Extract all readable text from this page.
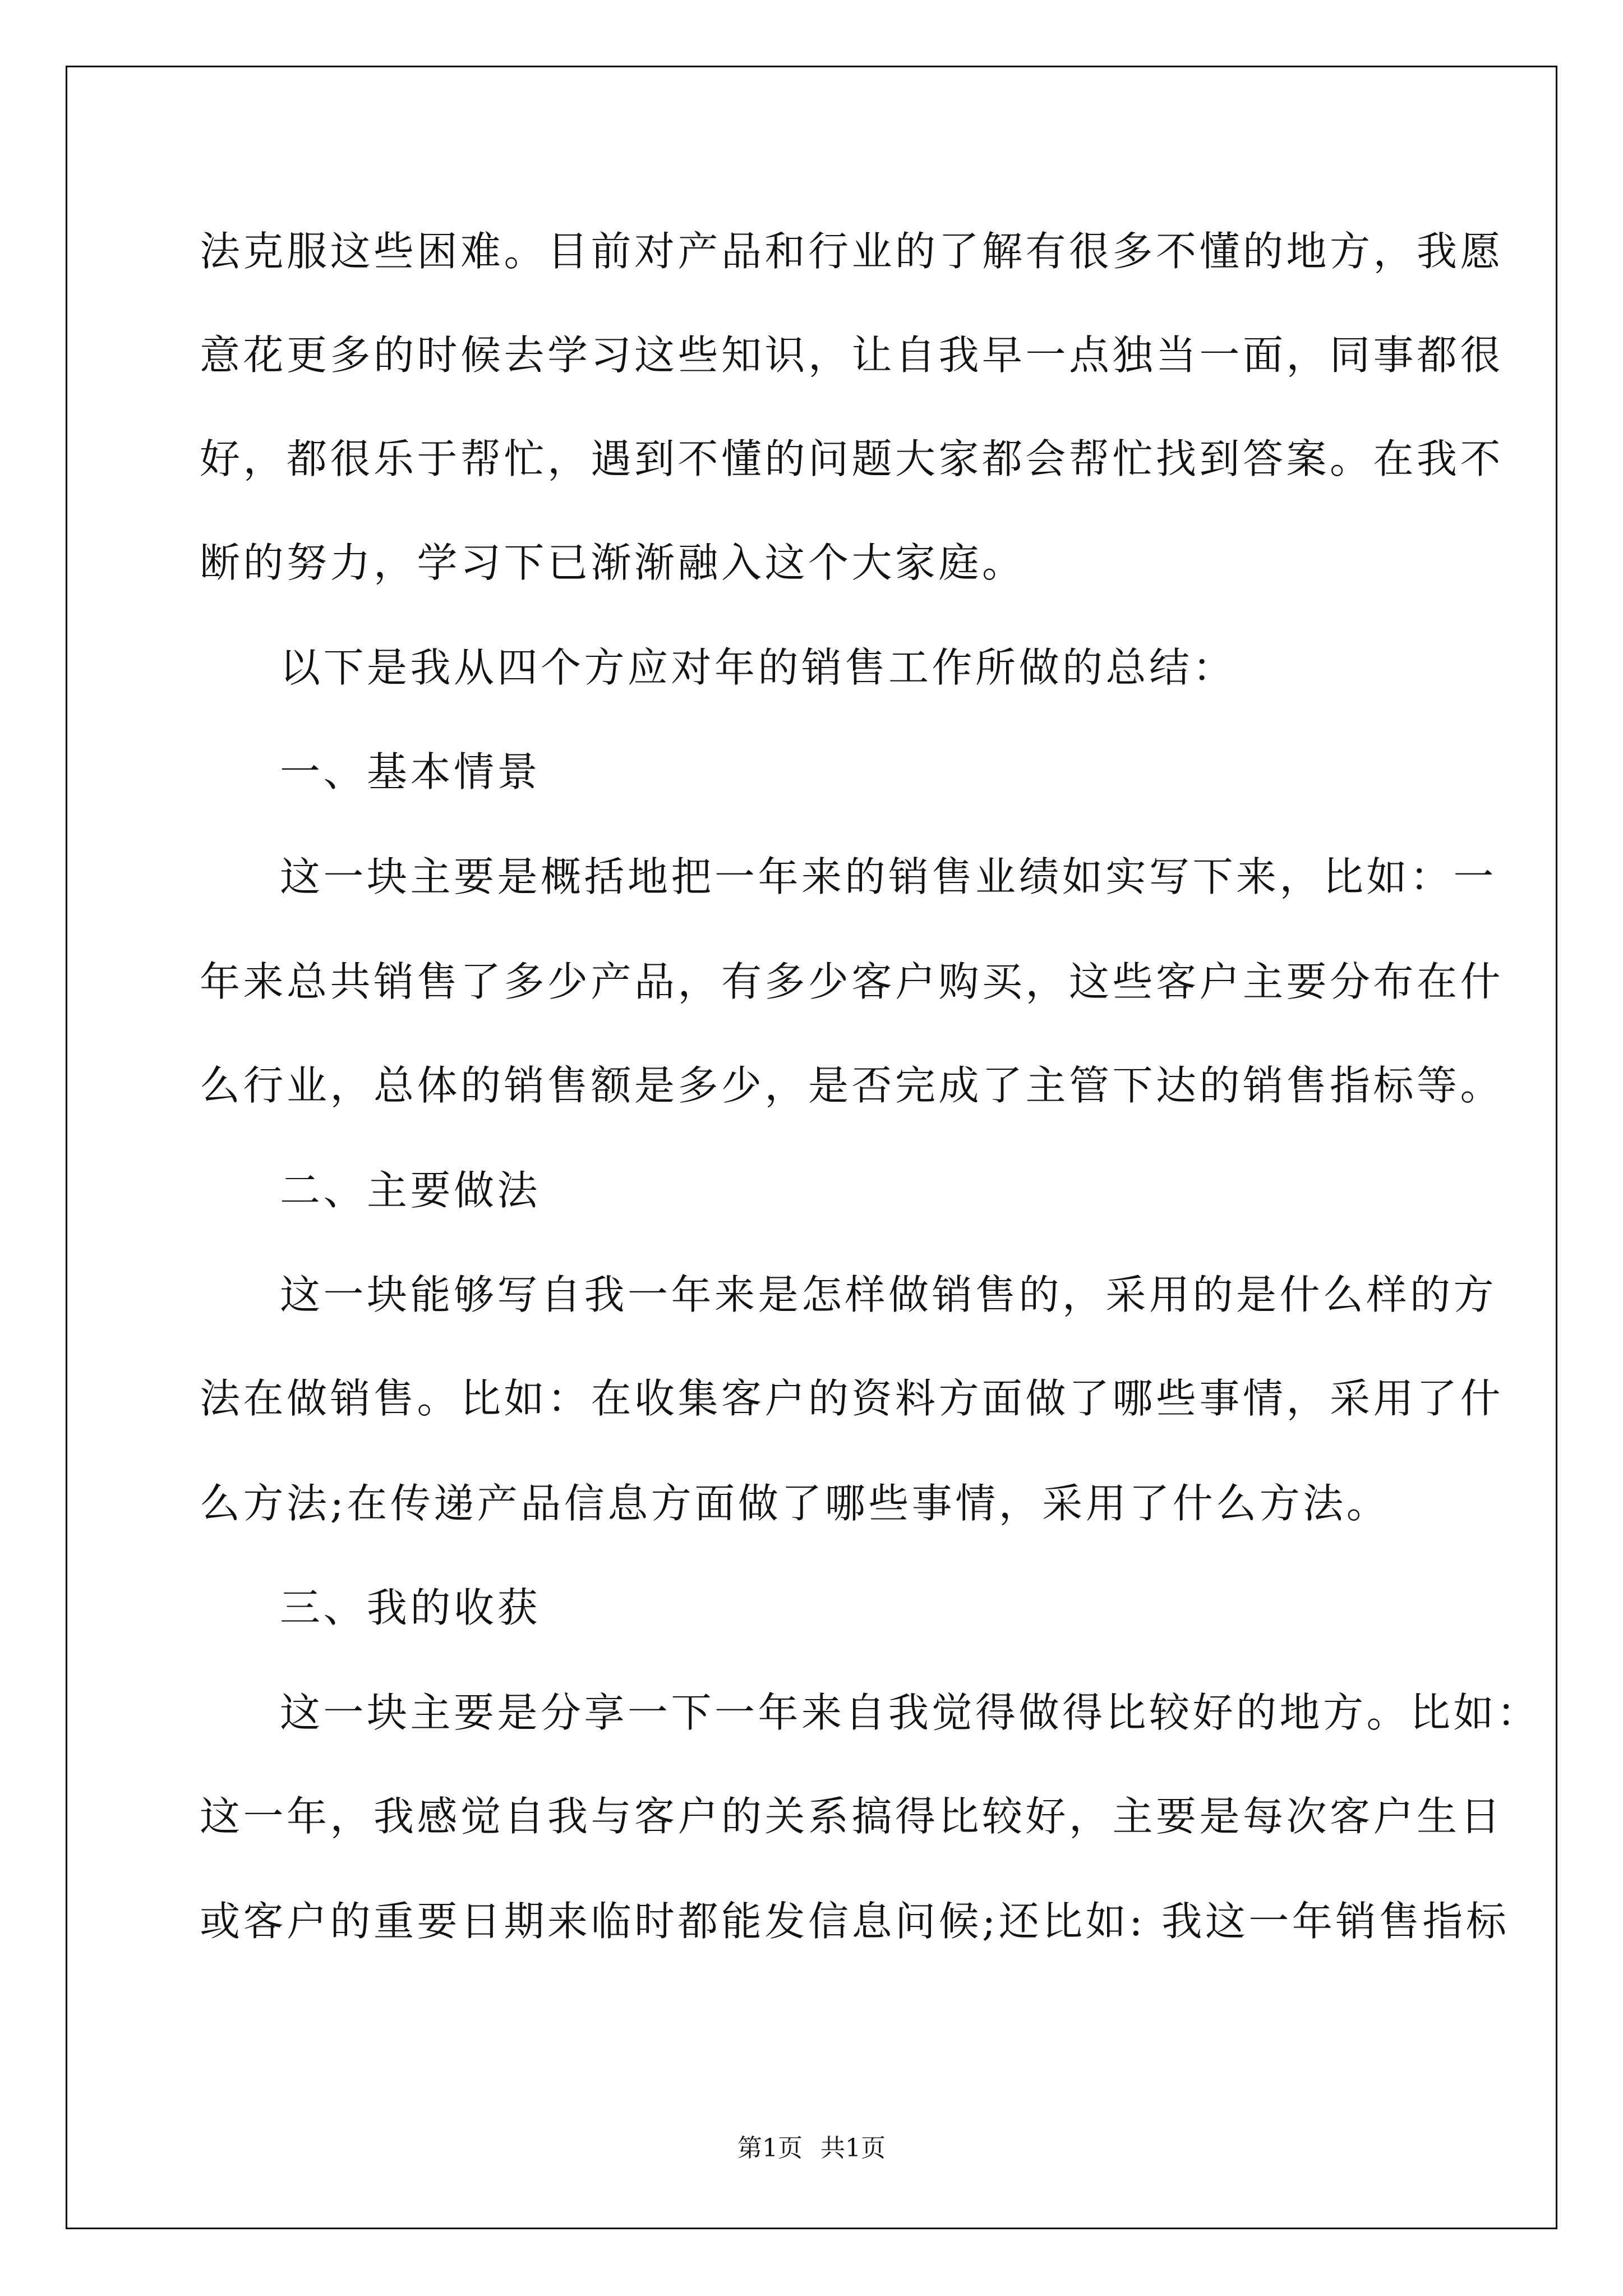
法克服这些困难。目前对产品和行业的了解有很多不懂的地方，我愿

意花更多的时候去学习这些知识，让自我早一点独当一面，同事都很

好，都很乐于帮忙，遇到不懂的问题大家都会帮忙找到答案。在我不

断的努力，学习下已渐渐融入这个大家庭。

以下是我从四个方应对年的销售工作所做的总结：

一、基本情景

这一块主要是概括地把一年来的销售业绩如实写下来，比如：一

年来总共销售了多少产品，有多少客户购买，这些客户主要分布在什

么行业，总体的销售额是多少，是否完成了主管下达的销售指标等。

二、主要做法

这一块能够写自我一年来是怎样做销售的，采用的是什么样的方

法在做销售。比如：在收集客户的资料方面做了哪些事情，采用了什

么方法;在传递产品信息方面做了哪些事情，采用了什么方法。

三、我的收获

这一块主要是分享一下一年来自我觉得做得比较好的地方。比如：

这一年，我感觉自我与客户的关系搞得比较好，主要是每次客户生日

或客户的重要日期来临时都能发信息问候;还比如: 我这一年销售指标

第1页 共1页
